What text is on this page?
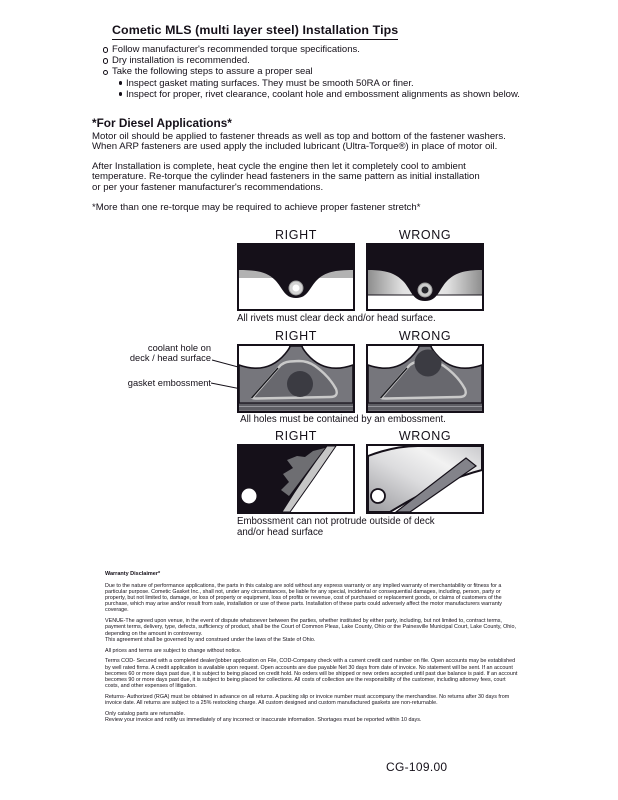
Cometic MLS (multi layer steel) Installation Tips
Follow manufacturer's recommended torque specifications.
Dry installation is recommended.
Take the following steps to assure a proper seal
Inspect gasket mating surfaces. They must be smooth 50RA or finer.
Inspect for proper, rivet clearance, coolant hole and embossment alignments as shown below.
*For Diesel Applications*
Motor oil should be applied to fastener threads as well as top and bottom of the fastener washers.
When ARP fasteners are used apply the included lubricant (Ultra-Torque®) in place of motor oil.
After Installation is complete, heat cycle the engine then let it completely cool to ambient
temperature. Re-torque the cylinder head fasteners in the same pattern as initial installation
or per your fastener manufacturer's recommendations.
*More than one re-torque may be required to achieve proper fastener stretch*
RIGHT	WRONG
All rivets must clear deck and/or head surface.
coolant hole on
deck / head surface
gasket embossment
RIGHT	WRONG
All holes must be contained by an embossment.
RIGHT	WRONG
Embossment can not protrude outside of deck
and/or head surface
Warranty Disclaimer*
Due to the nature of performance applications, the parts in this catalog are sold without any express warranty or any implied warranty of merchantability or fitness for a particular purpose. Cometic Gasket Inc., shall not, under any circumstances, be liable for any special, incidental or consequential damages, including, person, party or property, but not limited to, damage, or loss of property or equipment, loss of profits or revenue, cost of purchased or replacement goods, or claims of customers of the purchase, which may arise and/or result from sale, installation or use of these parts. Installation of these parts could adversely affect the motor manufacturers warranty coverage.
VENUE-The agreed upon venue, in the event of dispute whatsoever between the parties, whether instituted by either party, including, but not limited to, contract terms, payment terms, delivery, type, defects, sufficiency of product, shall be the Court of Common Pleas, Lake County, Ohio or the Painesville Municipal Court, Lake County, Ohio, depending on the amount in controversy.
This agreement shall be governed by and construed under the laws of the State of Ohio.
All prices and terms are subject to change without notice.
Terms COD- Secured with a completed dealer/jobber application on File, COD-Company check with a current credit card number on file. Open accounts may be established by well rated firms. A credit application is available upon request. Open accounts are due payable Net 30 days from date of invoice. No statement will be sent. If an account becomes 60 or more days past due, it is subject to being placed on credit hold. No orders will be shipped or new orders accepted until past due balance is paid. If an account becomes 90 or more days past due, it is subject to being placed for collections. All costs of collection are the responsibility of the customer, including attorney fees, court costs, and other expenses of litigation.
Returns- Authorized (RGA) must be obtained in advance on all returns. A packing slip or invoice number must accompany the merchandise. No returns after 30 days from invoice date. All returns are subject to a 25% restocking charge. All custom designed and custom manufactured gaskets are non-returnable.
Only catalog parts are returnable.
Review your invoice and notify us immediately of any incorrect or inaccurate information. Shortages must be reported within 10 days.
CG-109.00
